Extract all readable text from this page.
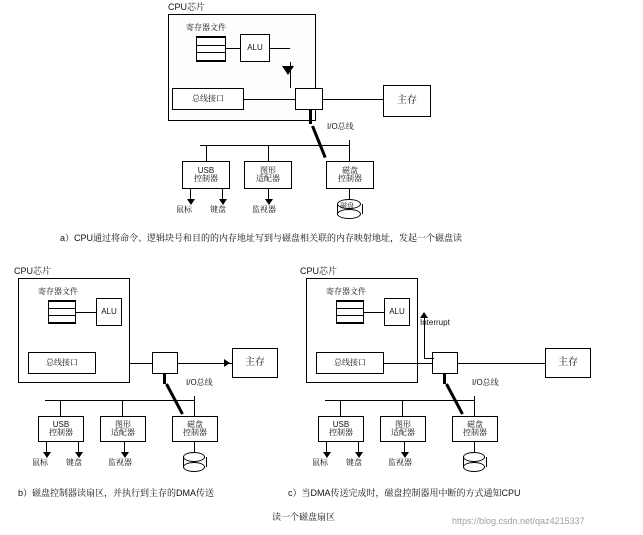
CPU芯片
寄存器文件
ALU
总线接口	主存
I/O总线
USB
控制器
图形
适配器
磁盘
控制器
鼠标 键盘	监视器	磁盘
a）CPU通过将命令、逻辑块号和目的的内存地址写到与磁盘相关联的内存映射地址，发起一个磁盘读
CPU芯片
寄存器文件
ALU
总线接口	主存
I/O总线
USB
控制器
图形
适配器
磁盘
控制器
鼠标 键盘	监视器
b）磁盘控制器读扇区，并执行到主存的DMA传送
CPU芯片
寄存器文件
ALU
总线接口	主存
Interrupt
I/O总线
USB
控制器
图形
适配器
磁盘
控制器
鼠标 键盘	监视器
c）当DMA传送完成时，磁盘控制器用中断的方式通知CPU
读一个磁盘扇区	https://blog.csdn.net/qaz4215337
